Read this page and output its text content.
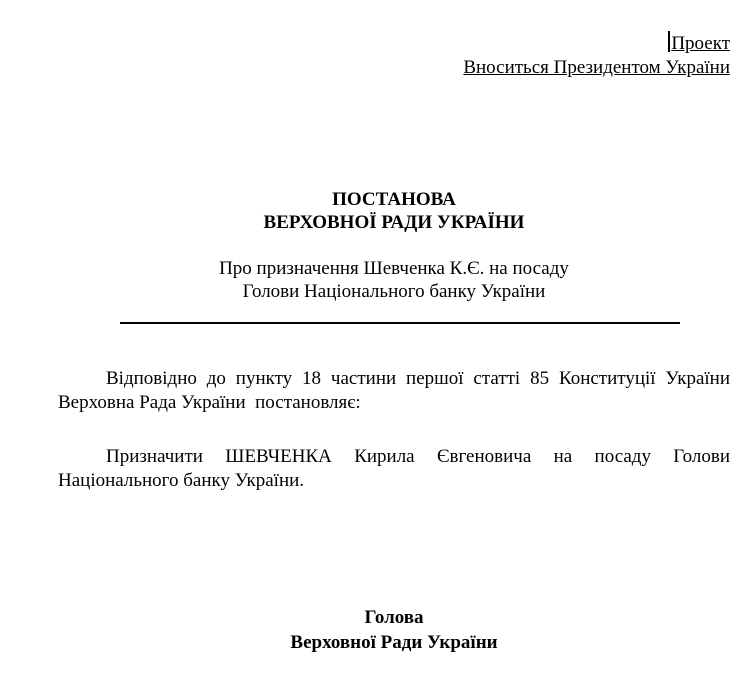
Проект
Вноситься Президентом України
ПОСТАНОВА
ВЕРХОВНОЇ РАДИ УКРАЇНИ
Про призначення Шевченка К.Є. на посаду
Голови Національного банку України
Відповідно до пункту 18 частини першої статті 85 Конституції України
Верховна Рада України  постановляє:
Призначити ШЕВЧЕНКА Кирила Євгеновича на посаду Голови
Національного банку України.
Голова
Верховної Ради України
